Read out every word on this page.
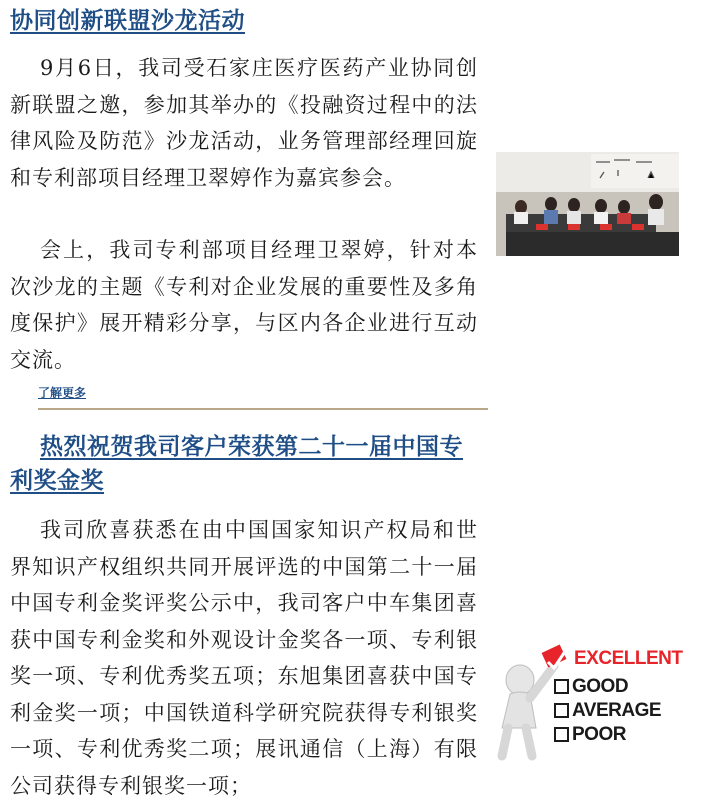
协同创新联盟沙龙活动

9月6日，我司受石家庄医疗医药产业协同创新联盟之邀，参加其举办的《投融资过程中的法律风险及防范》沙龙活动，业务管理部经理回旋和专利部项目经理卫翠婷作为嘉宾参会。

会上，我司专利部项目经理卫翠婷，针对本次沙龙的主题《专利对企业发展的重要性及多角度保护》展开精彩分享，与区内各企业进行互动交流。

了解更多
热烈祝贺我司客户荣获第二十一届中国专利奖金奖

我司欣喜获悉在由中国国家知识产权局和世界知识产权组织共同开展评选的中国第二十一届中国专利金奖评奖公示中，我司客户中车集团喜获中国专利金奖和外观设计金奖各一项、专利银奖一项、专利优秀奖五项；东旭集团喜获中国专利金奖一项；中国铁道科学研究院获得专利银奖一项、专利优秀奖二项；展讯通信（上海）有限公司获得专利银奖一项；

EXCELLENT
GOOD
AVERAGE
POOR
